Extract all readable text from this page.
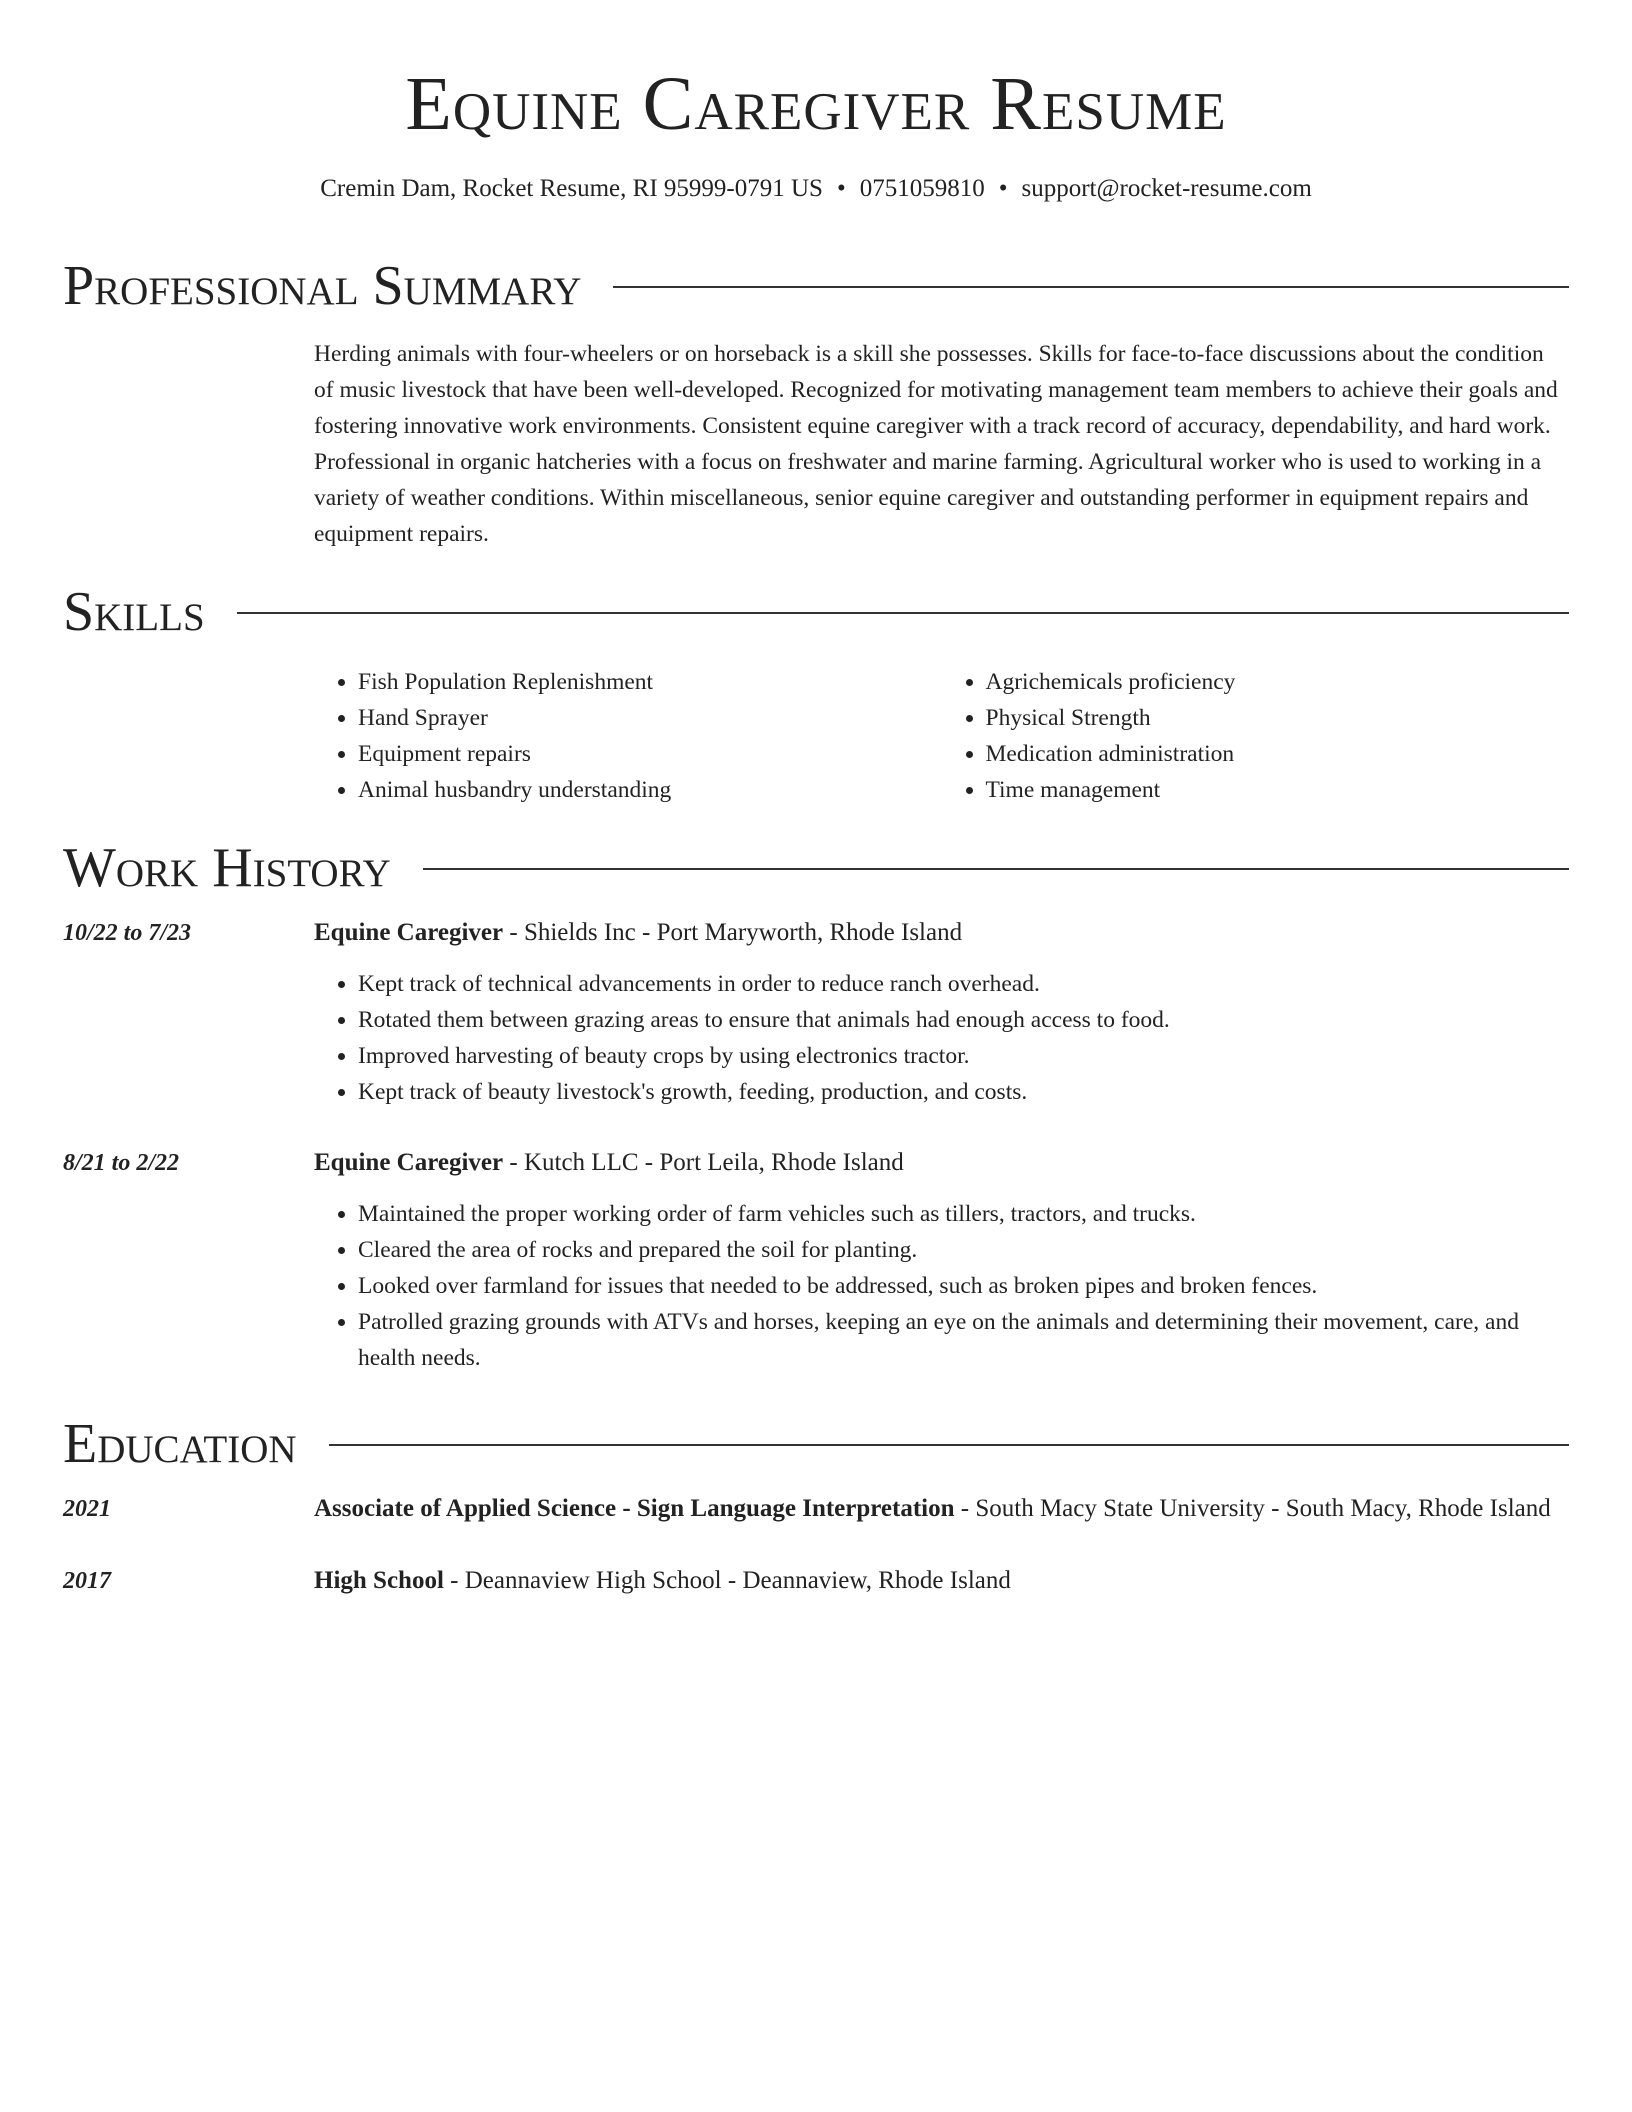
Equine Caregiver Resume
Cremin Dam, Rocket Resume, RI 95999-0791 US • 0751059810 • support@rocket-resume.com
Professional Summary

Herding animals with four-wheelers or on horseback is a skill she possesses. Skills for face-to-face discussions about the condition of music livestock that have been well-developed. Recognized for motivating management team members to achieve their goals and fostering innovative work environments. Consistent equine caregiver with a track record of accuracy, dependability, and hard work. Professional in organic hatcheries with a focus on freshwater and marine farming. Agricultural worker who is used to working in a variety of weather conditions. Within miscellaneous, senior equine caregiver and outstanding performer in equipment repairs and equipment repairs.

Skills
• Fish Population Replenishment
• Hand Sprayer
• Equipment repairs
• Animal husbandry understanding
• Agrichemicals proficiency
• Physical Strength
• Medication administration
• Time management
Work History
10/22 to 7/23	Equine Caregiver - Shields Inc - Port Maryworth, Rhode Island
• Kept track of technical advancements in order to reduce ranch overhead.
• Rotated them between grazing areas to ensure that animals had enough access to food.
• Improved harvesting of beauty crops by using electronics tractor.
• Kept track of beauty livestock's growth, feeding, production, and costs.
8/21 to 2/22	Equine Caregiver - Kutch LLC - Port Leila, Rhode Island
• Maintained the proper working order of farm vehicles such as tillers, tractors, and trucks.
• Cleared the area of rocks and prepared the soil for planting.
• Looked over farmland for issues that needed to be addressed, such as broken pipes and broken fences.
• Patrolled grazing grounds with ATVs and horses, keeping an eye on the animals and determining their movement, care, and health needs.
Education
2021	Associate of Applied Science - Sign Language Interpretation - South Macy State University - South Macy, Rhode Island
2017	High School - Deannaview High School - Deannaview, Rhode Island
